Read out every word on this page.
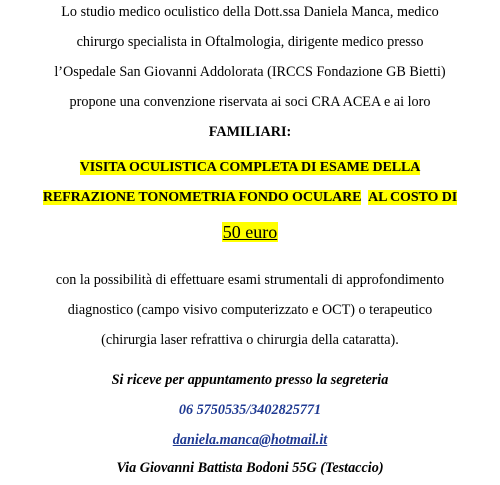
Lo studio medico oculistico della Dott.ssa Daniela Manca, medico
chirurgo specialista in Oftalmologia, dirigente medico presso
l’Ospedale San Giovanni Addolorata (IRCCS Fondazione GB Bietti)
propone una convenzione riservata ai soci CRA ACEA e ai loro
FAMILIARI:
VISITA OCULISTICA COMPLETA DI ESAME DELLA
REFRAZIONE TONOMETRIA FONDO OCULARE AL COSTO DI
50 euro
con la possibilità di effettuare esami strumentali di approfondimento
diagnostico (campo visivo computerizzato e OCT) o terapeutico
(chirurgia laser refrattiva o chirurgia della cataratta).
Si riceve per appuntamento presso la segreteria
06 5750535/3402825771
daniela.manca@hotmail.it
Via Giovanni Battista Bodoni 55G (Testaccio)
